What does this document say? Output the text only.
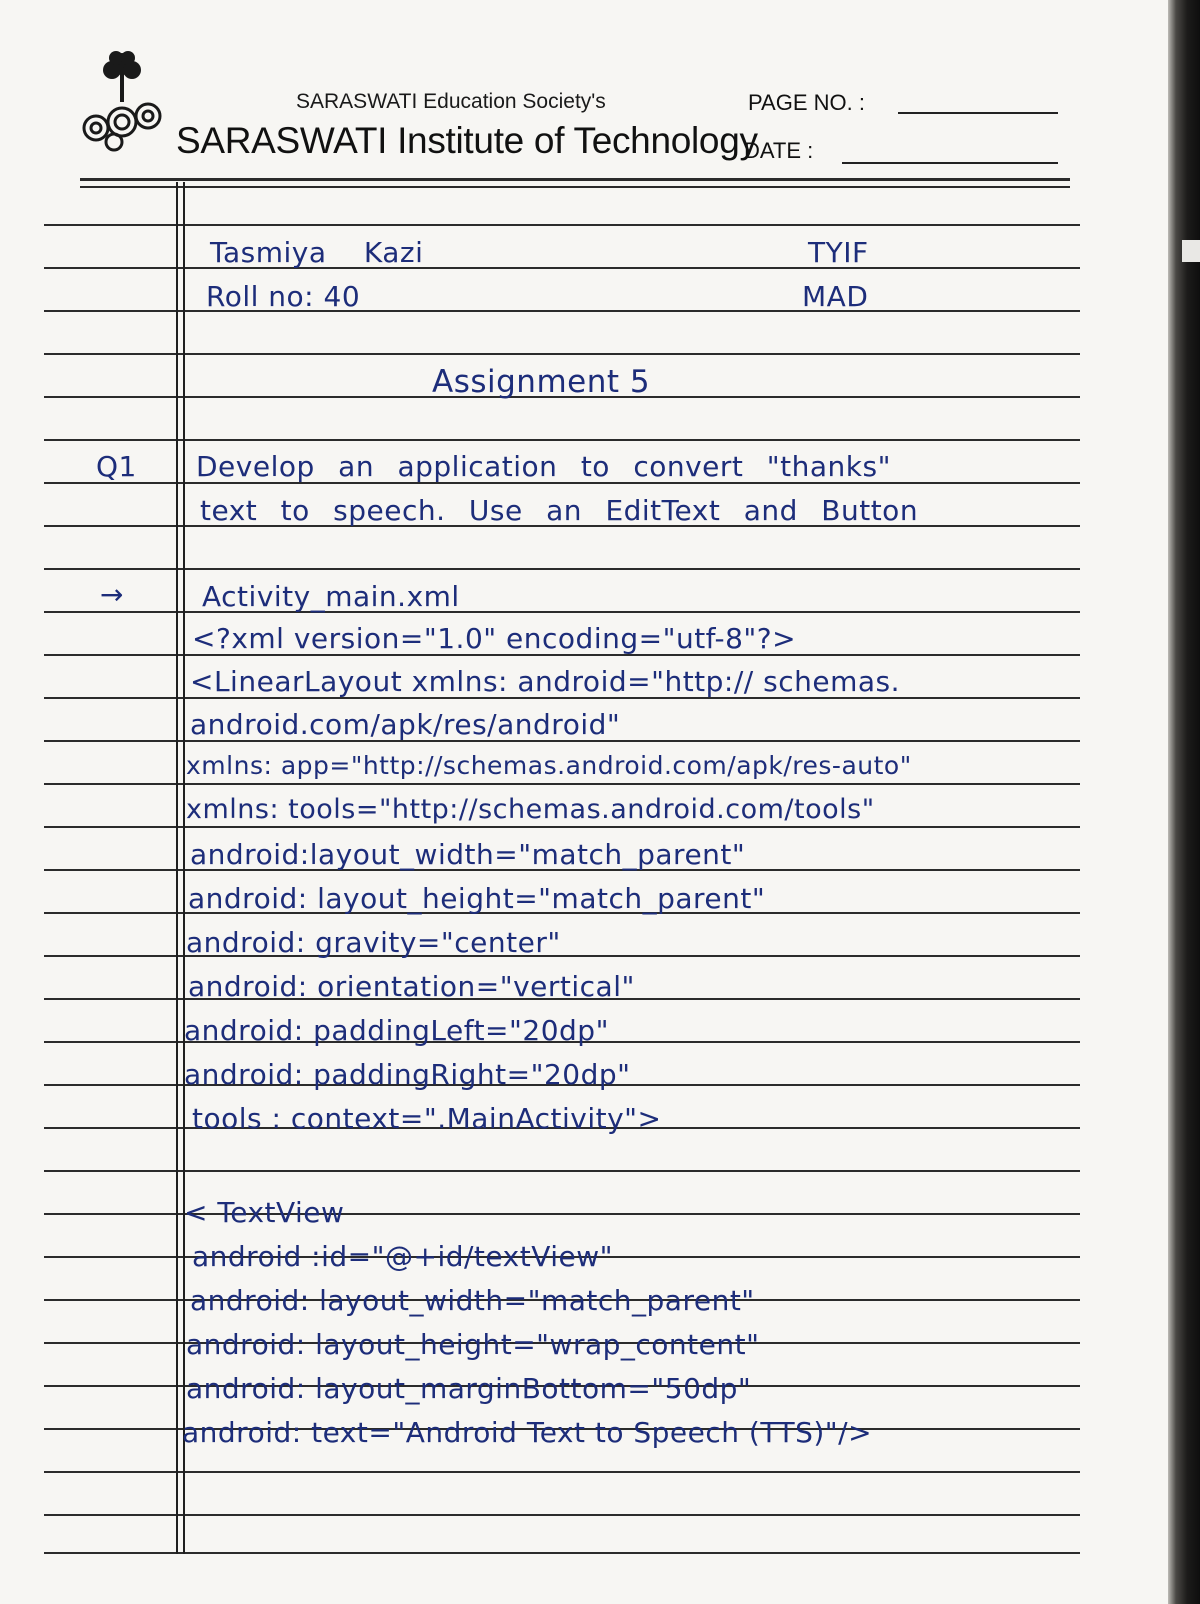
SARASWATI Education Society's
SARASWATI Institute of Technology
PAGE NO. :
DATE :
Tasmiya Kazi	TYIF
Roll no: 40	MAD
Assignment 5
Q1 Develop an application to convert "thanks"
text to speech. Use an EditText and Button
→	Activity_main.xml
<?xml version="1.0" encoding="utf-8"?>
<LinearLayout xmlns: android="http:// schemas.
android.com/apk/res/android"
xmlns: app="http://schemas.android.com/apk/res-auto"
xmlns: tools="http://schemas.android.com/tools"
android:layout_width="match_parent"
android: layout_height="match_parent"
android: gravity="center"
android: orientation="vertical"
android: paddingLeft="20dp"
android: paddingRight="20dp"
tools : context=".MainActivity">
< TextView
android :id="@+id/textView"
android: layout_width="match_parent"
android: layout_height="wrap_content"
android: layout_marginBottom="50dp"
android: text="Android Text to Speech (TTS)"/>
